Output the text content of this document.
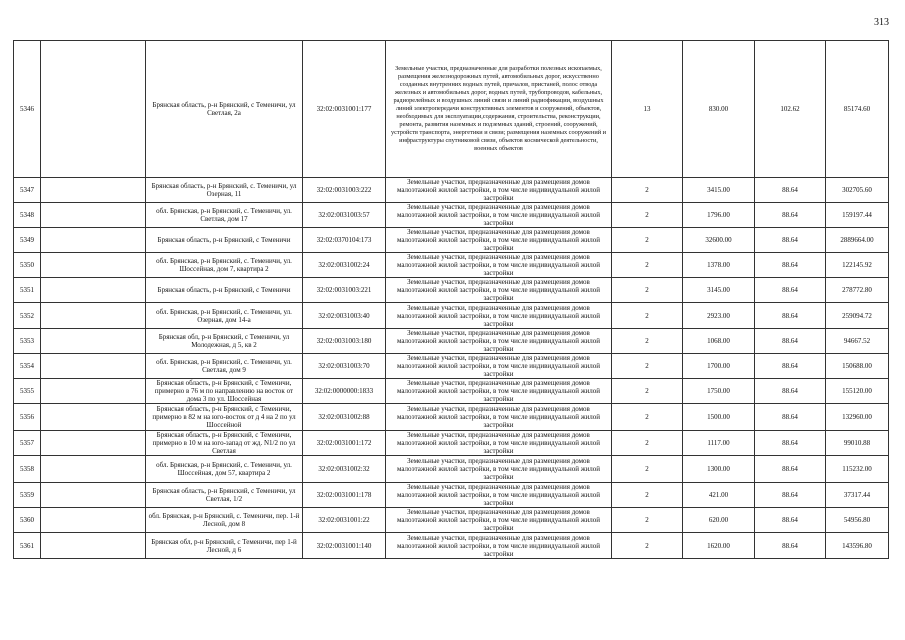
313
5346		Брянская область, р-н Брянский, с Теменичи, ул Светлая, 2а	32:02:0031001:177	Земельные участки, предназначенные для разработки полезных ископаемых, размещения железнодорожных путей, автомобильных дорог, искусственно созданных внутренних водных путей, причалов, пристаней, полос отвода железных и автомобильных дорог, водных путей, трубопроводов, кабельных, радиорелейных и воздушных линий связи и линий радиофикации, воздушных линий электропередачи конструктивных элементов и сооружений, объектов, необходимых для эксплуатации,содержания, строительства, реконструкции, ремонта, развития наземных и подземных зданий, строений, сооружений, устройств транспорта, энергетики и связи; размещения наземных сооружений и инфраструктуры спутниковой связи, объектов космической деятельности, военных объектов	13	830.00	102.62	85174.60
5347		Брянская область, р-н Брянский, с. Теменичи, ул Озерная, 11	32:02:0031003:222	Земельные участки, предназначенные для размещения домов малоэтажной жилой застройки, в том числе индивидуальной жилой застройки	2	3415.00	88.64	302705.60
5348		обл. Брянская, р-н Брянский, с. Теменичи, ул. Светлая, дом 17	32:02:0031003:57	Земельные участки, предназначенные для размещения домов малоэтажной жилой застройки, в том числе индивидуальной жилой застройки	2	1796.00	88.64	159197.44
5349		Брянская область, р-н Брянский, с Теменичи	32:02:0370104:173	Земельные участки, предназначенные для размещения домов малоэтажной жилой застройки, в том числе индивидуальной жилой застройки	2	32600.00	88.64	2889664.00
5350		обл. Брянская, р-н Брянский, с. Теменичи, ул. Шоссейная, дом 7, квартира 2	32:02:0031002:24	Земельные участки, предназначенные для размещения домов малоэтажной жилой застройки, в том числе индивидуальной жилой застройки	2	1378.00	88.64	122145.92
5351		Брянская область, р-н Брянский, с Теменичи	32:02:0031003:221	Земельные участки, предназначенные для размещения домов малоэтажной жилой застройки, в том числе индивидуальной жилой застройки	2	3145.00	88.64	278772.80
5352		обл. Брянская, р-н Брянский, с. Теменичи, ул. Озерная, дом 14-а	32:02:0031003:40	Земельные участки, предназначенные для размещения домов малоэтажной жилой застройки, в том числе индивидуальной жилой застройки	2	2923.00	88.64	259094.72
5353		Брянская обл, р-н Брянский, с Теменичи, ул Молодежная, д 5, кв 2	32:02:0031003:180	Земельные участки, предназначенные для размещения домов малоэтажной жилой застройки, в том числе индивидуальной жилой застройки	2	1068.00	88.64	94667.52
5354		обл. Брянская, р-н Брянский, с. Теменичи, ул. Светлая, дом 9	32:02:0031003:70	Земельные участки, предназначенные для размещения домов малоэтажной жилой застройки, в том числе индивидуальной жилой застройки	2	1700.00	88.64	150688.00
5355		Брянская область, р-н Брянский, с Теменичи, примерно в 76 м по направлению на восток от дома 3 по ул. Шоссейная	32:02:0000000:1833	Земельные участки, предназначенные для размещения домов малоэтажной жилой застройки, в том числе индивидуальной жилой застройки	2	1750.00	88.64	155120.00
5356		Брянская область, р-н Брянский, с Теменичи, примерно в 82 м на юго-восток от д 4 на 2 по ул Шоссейной	32:02:0031002:88	Земельные участки, предназначенные для размещения домов малоэтажной жилой застройки, в том числе индивидуальной жилой застройки	2	1500.00	88.64	132960.00
5357		Брянская область, р-н Брянский, с Теменичи, примерно в 10 м на юго-запад от жд. N1/2 по ул Светлая	32:02:0031001:172	Земельные участки, предназначенные для размещения домов малоэтажной жилой застройки, в том числе индивидуальной жилой застройки	2	1117.00	88.64	99010.88
5358		обл. Брянская, р-н Брянский, с. Теменичи, ул. Шоссейная, дом 57, квартира 2	32:02:0031002:32	Земельные участки, предназначенные для размещения домов малоэтажной жилой застройки, в том числе индивидуальной жилой застройки	2	1300.00	88.64	115232.00
5359		Брянская область, р-н Брянский, с Теменичи, ул Светлая, 1/2	32:02:0031001:178	Земельные участки, предназначенные для размещения домов малоэтажной жилой застройки, в том числе индивидуальной жилой застройки	2	421.00	88.64	37317.44
5360		обл. Брянская, р-н Брянский, с. Теменичи, пер. 1-й Лесной, дом 8	32:02:0031001:22	Земельные участки, предназначенные для размещения домов малоэтажной жилой застройки, в том числе индивидуальной жилой застройки	2	620.00	88.64	54956.80
5361		Брянская обл, р-н Брянский, с Теменичи, пер 1-й Лесной, д 6	32:02:0031001:140	Земельные участки, предназначенные для размещения домов малоэтажной жилой застройки, в том числе индивидуальной жилой застройки	2	1620.00	88.64	143596.80
